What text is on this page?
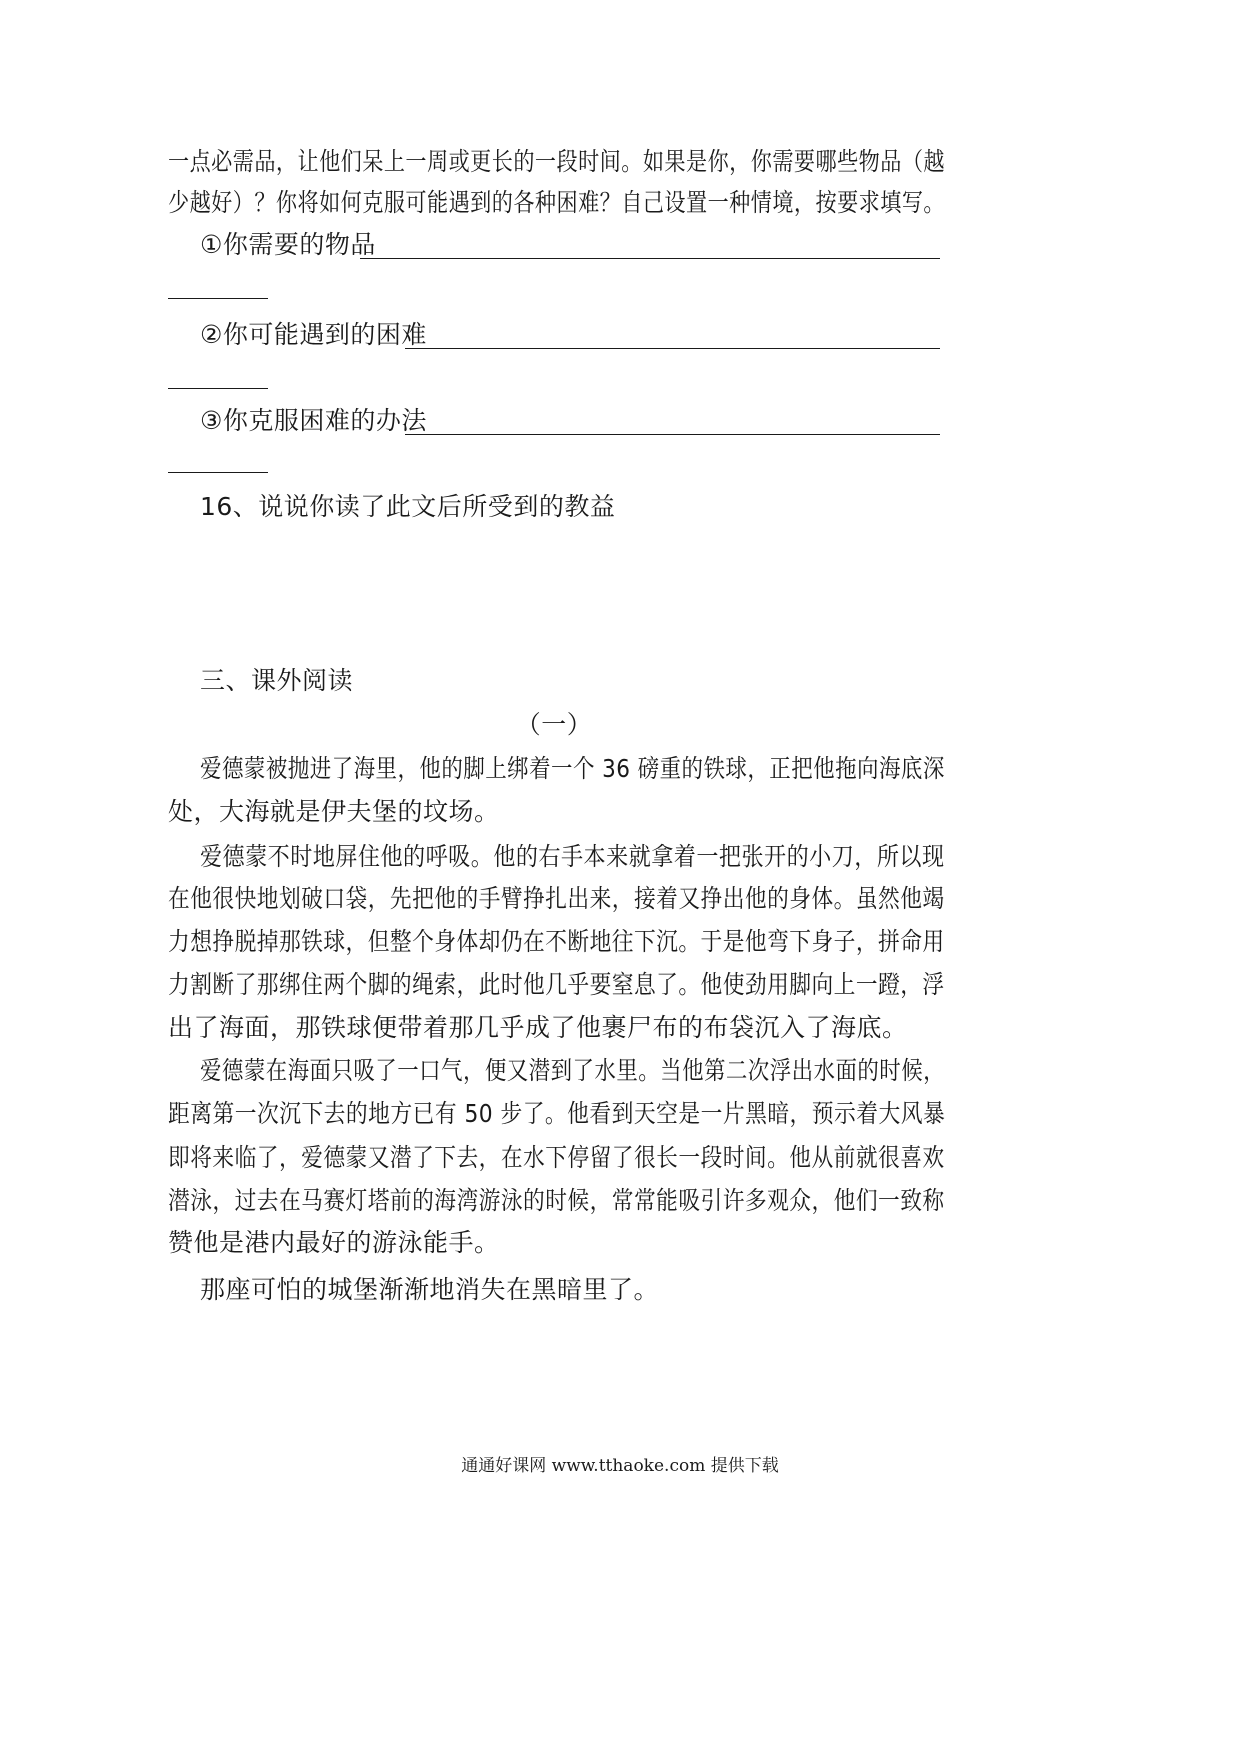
一点必需品，让他们呆上一周或更长的一段时间。如果是你，你需要哪些物品（越
少越好）？你将如何克服可能遇到的各种困难？自己设置一种情境，按要求填写。
①你需要的物品
②你可能遇到的困难
③你克服困难的办法
16、说说你读了此文后所受到的教益
三、课外阅读
（一）
爱德蒙被抛进了海里，他的脚上绑着一个 36 磅重的铁球，正把他拖向海底深
处，大海就是伊夫堡的坟场。
爱德蒙不时地屏住他的呼吸。他的右手本来就拿着一把张开的小刀，所以现
在他很快地划破口袋，先把他的手臂挣扎出来，接着又挣出他的身体。虽然他竭
力想挣脱掉那铁球，但整个身体却仍在不断地往下沉。于是他弯下身子，拼命用
力割断了那绑住两个脚的绳索，此时他几乎要窒息了。他使劲用脚向上一蹬，浮
出了海面，那铁球便带着那几乎成了他裹尸布的布袋沉入了海底。
爱德蒙在海面只吸了一口气，便又潜到了水里。当他第二次浮出水面的时候，
距离第一次沉下去的地方已有 50 步了。他看到天空是一片黑暗，预示着大风暴
即将来临了，爱德蒙又潜了下去，在水下停留了很长一段时间。他从前就很喜欢
潜泳，过去在马赛灯塔前的海湾游泳的时候，常常能吸引许多观众，他们一致称
赞他是港内最好的游泳能手。
那座可怕的城堡渐渐地消失在黑暗里了。
通通好课网 www.tthaoke.com 提供下载
